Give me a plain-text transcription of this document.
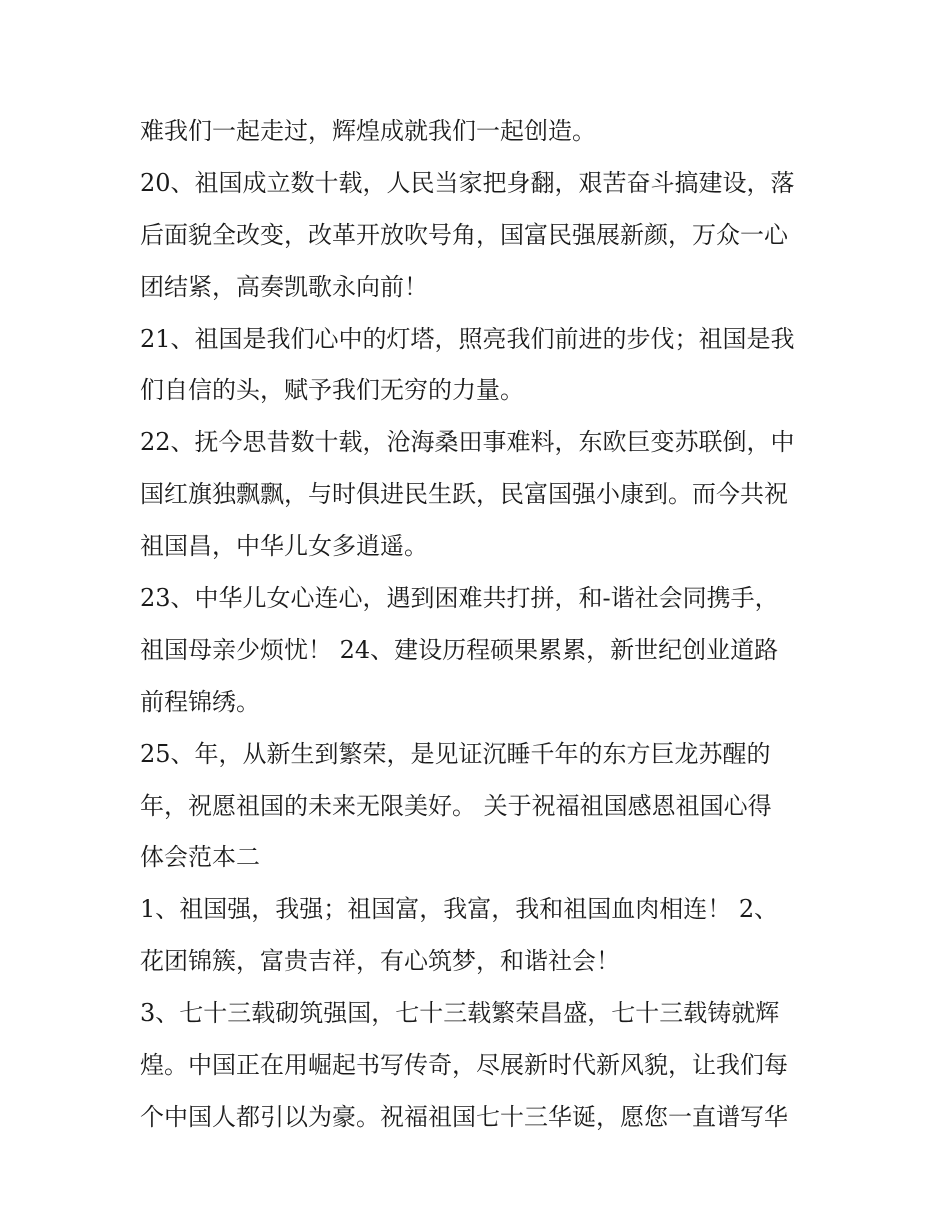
难我们一起走过，辉煌成就我们一起创造。
20、祖国成立数十载，人民当家把身翻，艰苦奋斗搞建设，落
后面貌全改变，改革开放吹号角，国富民强展新颜，万众一心
团结紧，高奏凯歌永向前！
21、祖国是我们心中的灯塔，照亮我们前进的步伐；祖国是我
们自信的头，赋予我们无穷的力量。
22、抚今思昔数十载，沧海桑田事难料，东欧巨变苏联倒，中
国红旗独飘飘，与时俱进民生跃，民富国强小康到。而今共祝
祖国昌，中华儿女多逍遥。
23、中华儿女心连心，遇到困难共打拼，和-谐社会同携手，
祖国母亲少烦忧！ 24、建设历程硕果累累，新世纪创业道路
前程锦绣。
25、年，从新生到繁荣，是见证沉睡千年的东方巨龙苏醒的
年，祝愿祖国的未来无限美好。 关于祝福祖国感恩祖国心得
体会范本二
1、祖国强，我强；祖国富，我富，我和祖国血肉相连！ 2、
花团锦簇，富贵吉祥，有心筑梦，和谐社会！
3、七十三载砌筑强国，七十三载繁荣昌盛，七十三载铸就辉
煌。中国正在用崛起书写传奇，尽展新时代新风貌，让我们每
个中国人都引以为豪。祝福祖国七十三华诞，愿您一直谱写华
